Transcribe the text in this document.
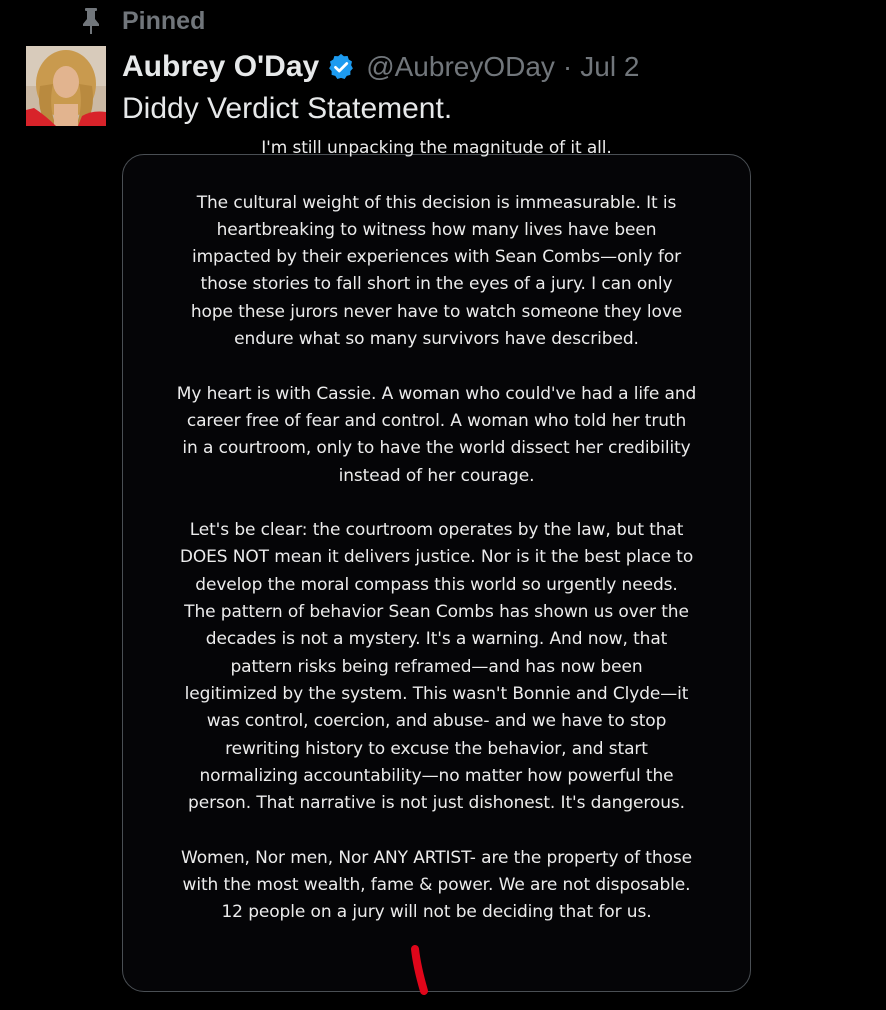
Pinned
Aubrey O'Day @AubreyODay · Jul 2
Diddy Verdict Statement.
I'm still unpacking the magnitude of it all.
The cultural weight of this decision is immeasurable. It is
heartbreaking to witness how many lives have been
impacted by their experiences with Sean Combs—only for
those stories to fall short in the eyes of a jury. I can only
hope these jurors never have to watch someone they love
endure what so many survivors have described.
My heart is with Cassie. A woman who could've had a life and
career free of fear and control. A woman who told her truth
in a courtroom, only to have the world dissect her credibility
instead of her courage.
Let's be clear: the courtroom operates by the law, but that
DOES NOT mean it delivers justice. Nor is it the best place to
develop the moral compass this world so urgently needs.
The pattern of behavior Sean Combs has shown us over the
decades is not a mystery. It's a warning. And now, that
pattern risks being reframed—and has now been
legitimized by the system. This wasn't Bonnie and Clyde—it
was control, coercion, and abuse- and we have to stop
rewriting history to excuse the behavior, and start
normalizing accountability—no matter how powerful the
person. That narrative is not just dishonest. It's dangerous.
Women, Nor men, Nor ANY ARTIST- are the property of those
with the most wealth, fame & power. We are not disposable.
12 people on a jury will not be deciding that for us.
